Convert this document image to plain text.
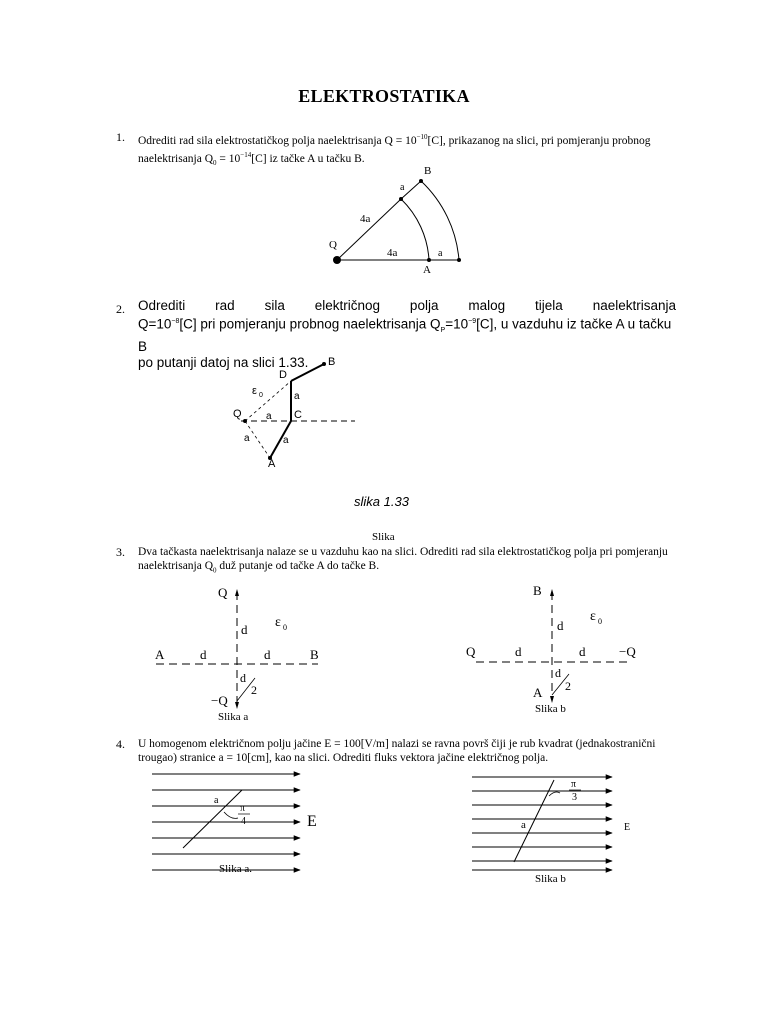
ELEKTROSTATIKA
1. Odrediti rad sila elektrostatičkog polja naelektrisanja $Q = 10^{-10}[C]$, prikazanog na slici, pri pomjeranju probnog
naelektrisanja $Q_0 = 10^{-14}[C]$ iz tačke A u tačku B.
B
a
4a
Q
4a	a
A
2. Odrediti rad sila električnog polja malog tijela naelektrisanja
$Q=10^{-8}[C]$ pri pomjeranju probnog naelektrisanja $Q_P=10^{-9}[C]$, u vazduhu iz tačke A u tačku B
po putanji datoj na slici 1.33.	B
D
ε 0	a
Q a C
a	a
A
slika 1.33
Slika
3. Dva tačkasta naelektrisanja nalaze se u vazduhu kao na slici. Odrediti rad sila elektrostatičkog polja pri pomjeranju
naelektrisanja $Q_0$ duž putanje od tačke A do tačke B.
Q
d ε 0
A	d	d	B
d
2
−Q
Slika a
B
d
ε 0
Q	d	d	−Q
d
2
A
Slika b
4. U homogenom električnom polju jačine E = 100[V/m] nalazi se ravna površ čiji je rub kvadrat (jednakostranični
trougao) stranice a = 10[cm], kao na slici. Odrediti fluks vektora jačine električnog polja.
a
π
4	E
Slika a.
π
3
a	E
Slika b
